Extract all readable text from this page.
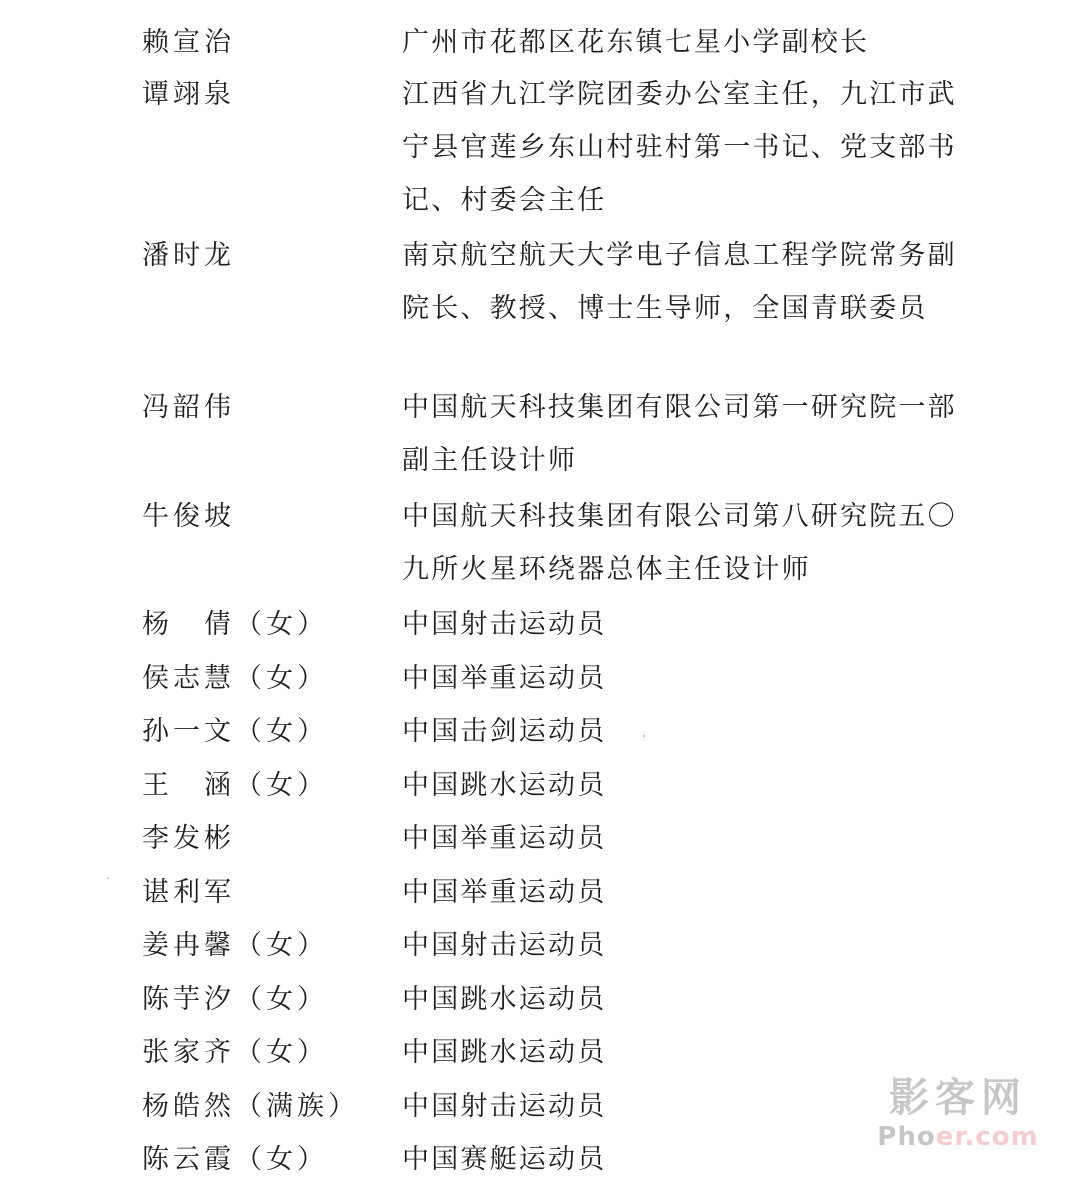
赖宣治	广州市花都区花东镇七星小学副校长
谭翊泉	江西省九江学院团委办公室主任，九江市武宁县官莲乡东山村驻村第一书记、党支部书记、村委会主任
潘时龙	南京航空航天大学电子信息工程学院常务副院长、教授、博士生导师，全国青联委员
冯韶伟	中国航天科技集团有限公司第一研究院一部副主任设计师
牛俊坡	中国航天科技集团有限公司第八研究院五〇九所火星环绕器总体主任设计师
杨　倩（女）	中国射击运动员
侯志慧（女）	中国举重运动员
孙一文（女）	中国击剑运动员
王　涵（女）	中国跳水运动员
李发彬	中国举重运动员
谌利军	中国举重运动员
姜冉馨（女）	中国射击运动员
陈芋汐（女）	中国跳水运动员
张家齐（女）	中国跳水运动员
杨皓然（满族）	中国射击运动员
陈云霞（女）	中国赛艇运动员
影客网
Phoer.com
